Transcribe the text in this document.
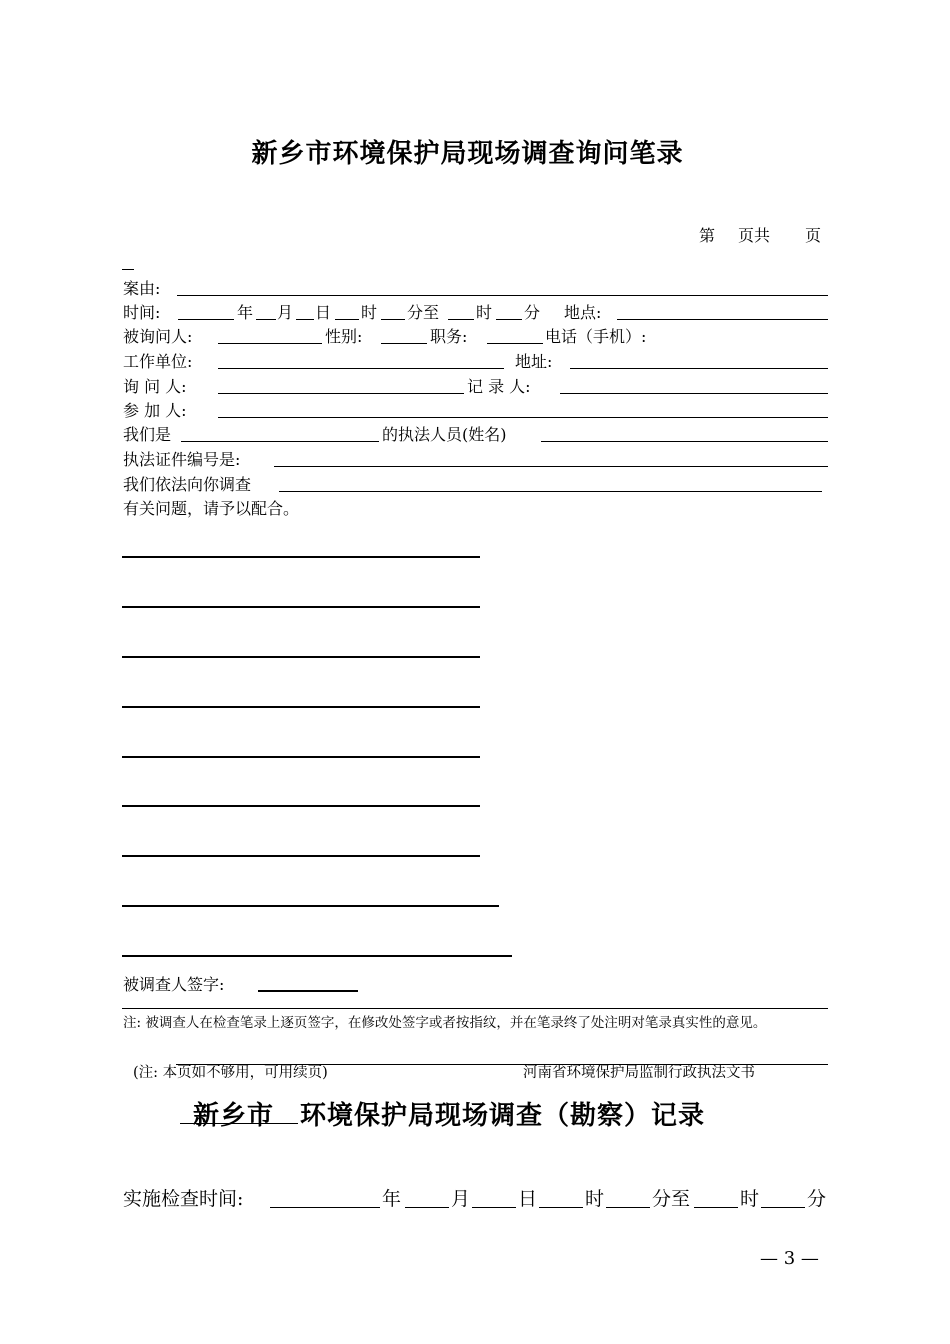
新乡市环境保护局现场调查询问笔录
第 页共 页
案由:
时间:	年 月 日 时 分至 时 分 地点:
被询问人:	性别:	职务:	电话（手机）:
工作单位:	地址:
询 问 人:	记 录 人:
参 加 人:
我们是	的执法人员(姓名)
执法证件编号是:
我们依法向你调查
有关问题，请予以配合。
被调查人签字:
注: 被调查人在检查笔录上逐页签字，在修改处签字或者按指纹，并在笔录终了处注明对笔录真实性的意见。
(注: 本页如不够用，可用续页)	河南省环境保护局监制行政执法文书
新乡市 环境保护局现场调查（勘察）记录
实施检查时间:	年	月	日	时	分至	时	分
— 3 —
